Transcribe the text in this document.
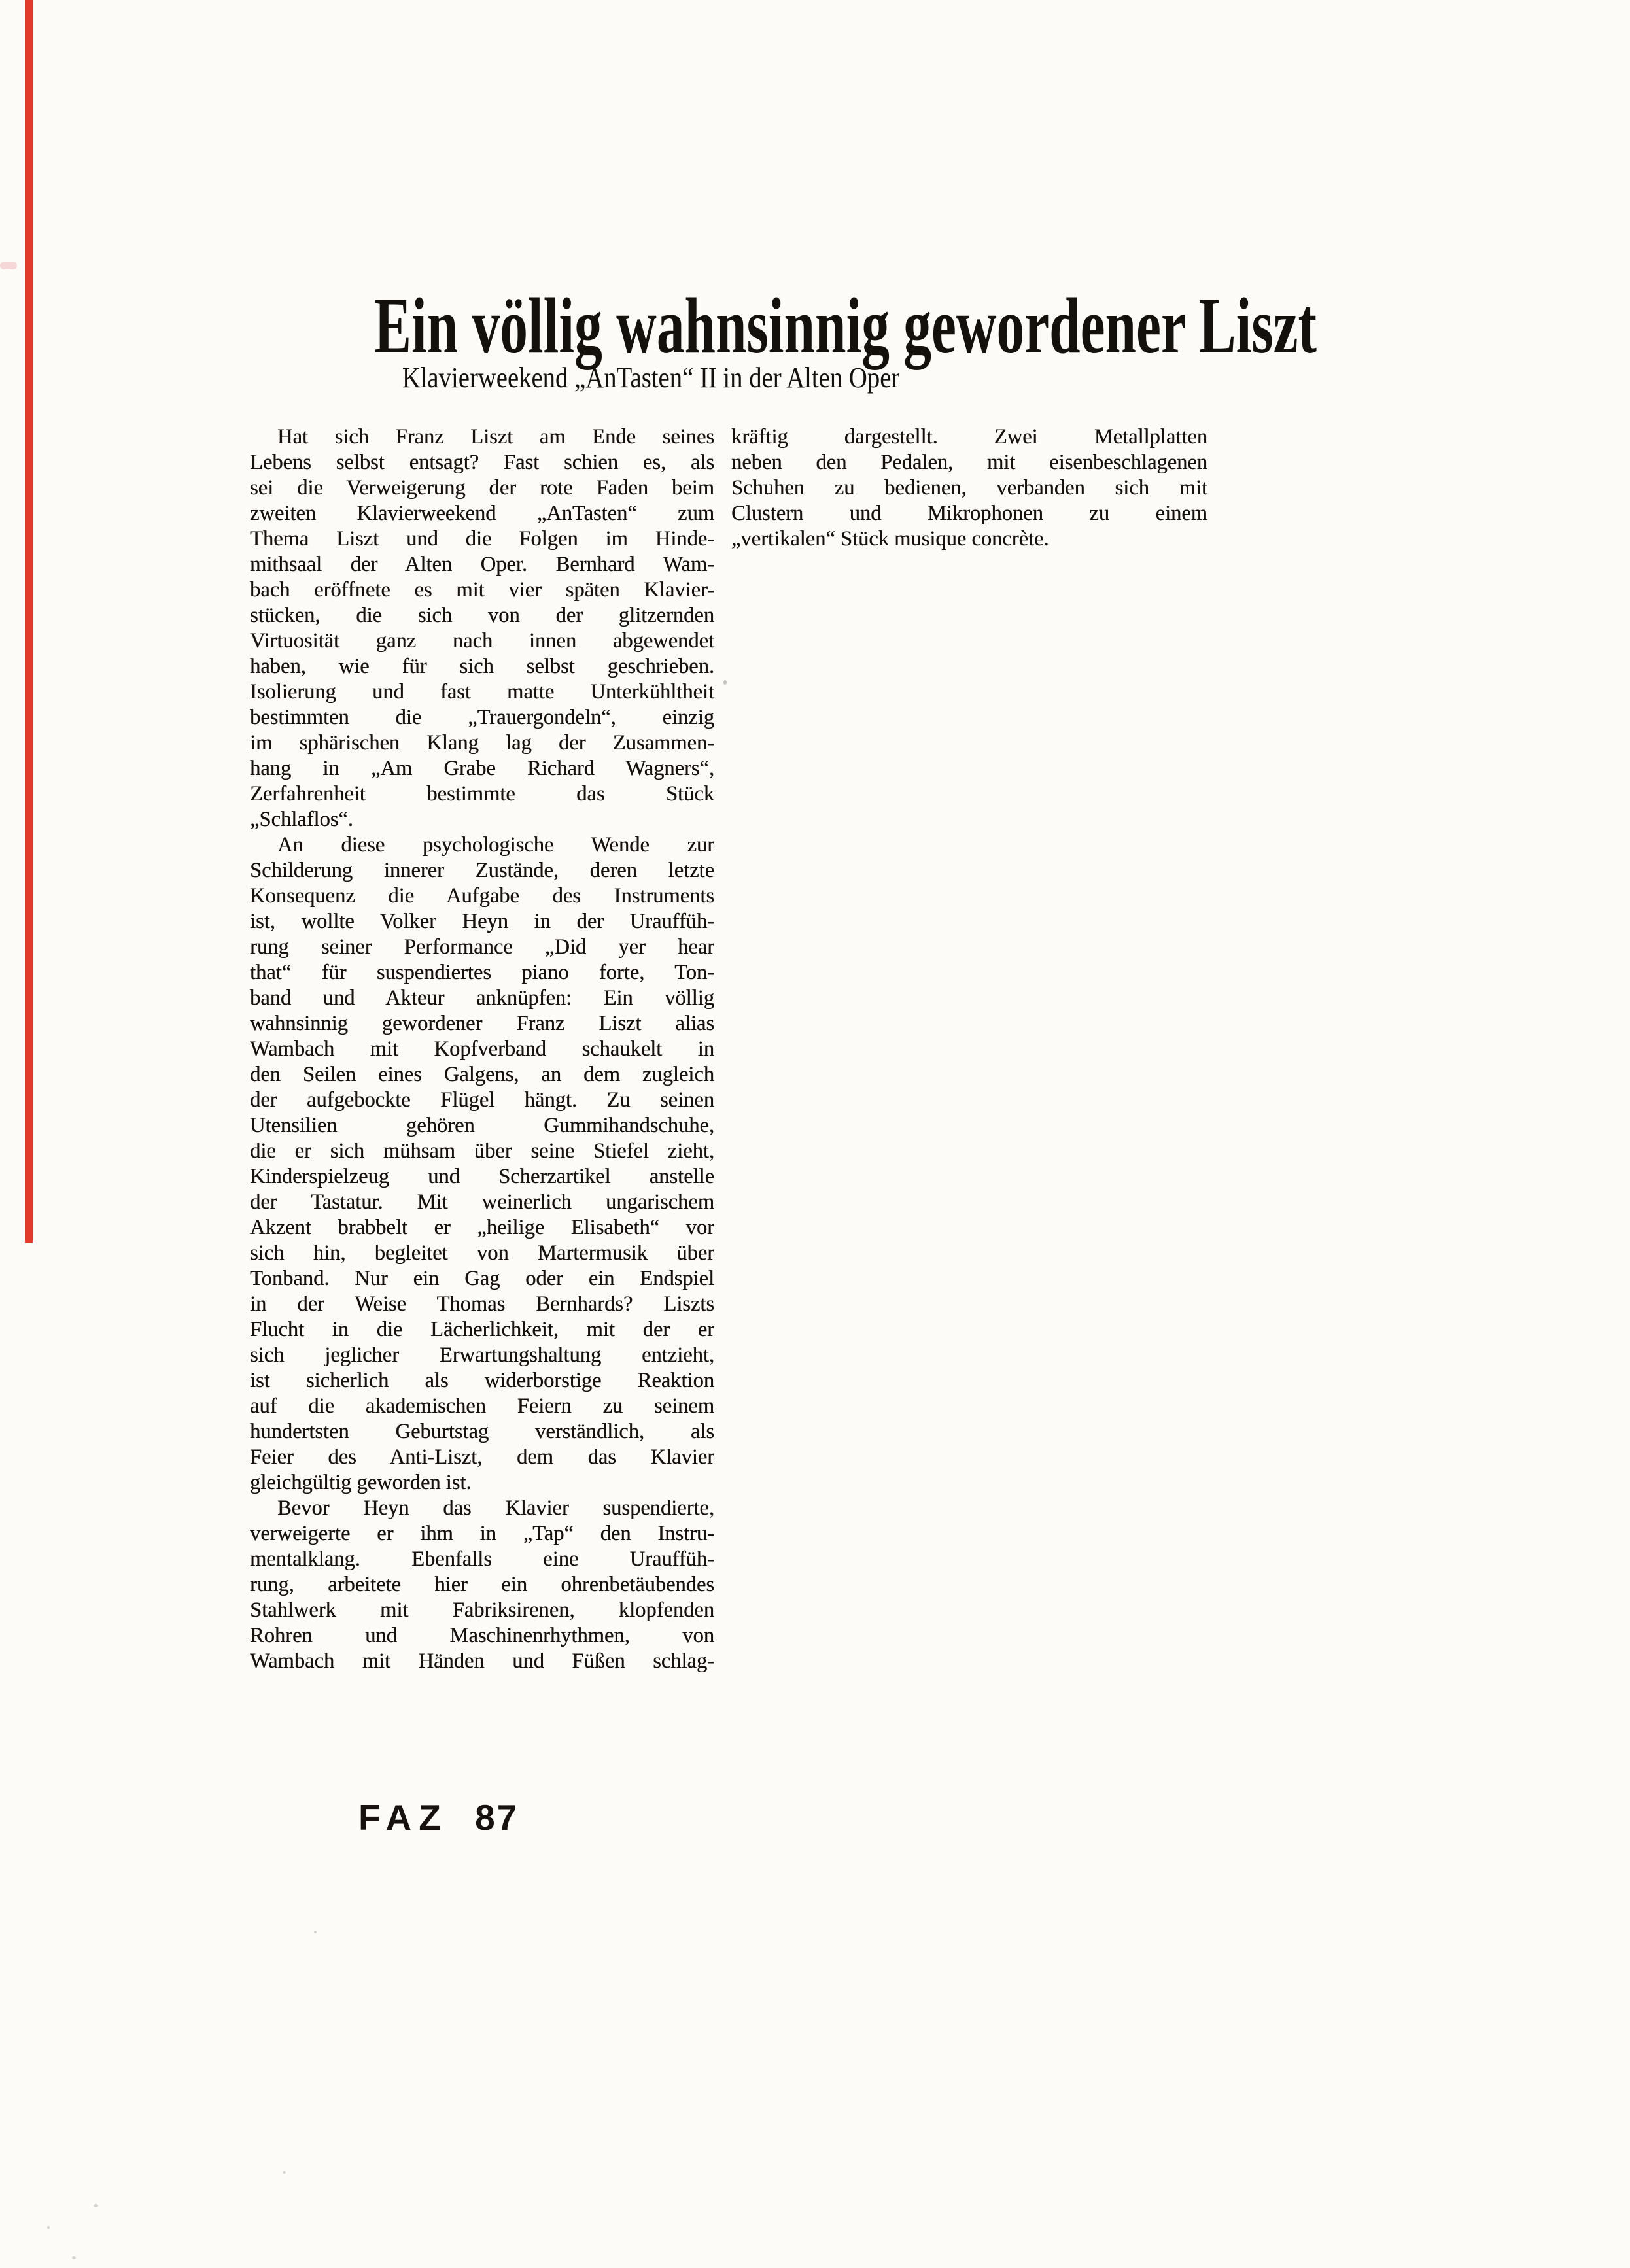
Ein völlig wahnsinnig gewordener Liszt
Klavierweekend „AnTasten“ II in der Alten Oper
Hat sich Franz Liszt am Ende seines
Lebens selbst entsagt? Fast schien es, als
sei die Verweigerung der rote Faden beim
zweiten Klavierweekend „AnTasten“ zum
Thema Liszt und die Folgen im Hinde-
mithsaal der Alten Oper. Bernhard Wam-
bach eröffnete es mit vier späten Klavier-
stücken, die sich von der glitzernden
Virtuosität ganz nach innen abgewendet
haben, wie für sich selbst geschrieben.
Isolierung und fast matte Unterkühltheit
bestimmten die „Trauergondeln“, einzig
im sphärischen Klang lag der Zusammen-
hang in „Am Grabe Richard Wagners“,
Zerfahrenheit bestimmte das Stück
„Schlaflos“.
An diese psychologische Wende zur
Schilderung innerer Zustände, deren letzte
Konsequenz die Aufgabe des Instruments
ist, wollte Volker Heyn in der Urauffüh-
rung seiner Performance „Did yer hear
that“ für suspendiertes piano forte, Ton-
band und Akteur anknüpfen: Ein völlig
wahnsinnig gewordener Franz Liszt alias
Wambach mit Kopfverband schaukelt in
den Seilen eines Galgens, an dem zugleich
der aufgebockte Flügel hängt. Zu seinen
Utensilien gehören Gummihandschuhe,
die er sich mühsam über seine Stiefel zieht,
Kinderspielzeug und Scherzartikel anstelle
der Tastatur. Mit weinerlich ungarischem
Akzent brabbelt er „heilige Elisabeth“ vor
sich hin, begleitet von Martermusik über
Tonband. Nur ein Gag oder ein Endspiel
in der Weise Thomas Bernhards? Liszts
Flucht in die Lächerlichkeit, mit der er
sich jeglicher Erwartungshaltung entzieht,
ist sicherlich als widerborstige Reaktion
auf die akademischen Feiern zu seinem
hundertsten Geburtstag verständlich, als
Feier des Anti-Liszt, dem das Klavier
gleichgültig geworden ist.
Bevor Heyn das Klavier suspendierte,
verweigerte er ihm in „Tap“ den Instru-
mentalklang. Ebenfalls eine Urauffüh-
rung, arbeitete hier ein ohrenbetäubendes
Stahlwerk mit Fabriksirenen, klopfenden
Rohren und Maschinenrhythmen, von
Wambach mit Händen und Füßen schlag-
kräftig dargestellt. Zwei Metallplatten
neben den Pedalen, mit eisenbeschlagenen
Schuhen zu bedienen, verbanden sich mit
Clustern und Mikrophonen zu einem
„vertikalen“ Stück musique concrète.
FAZ 87
